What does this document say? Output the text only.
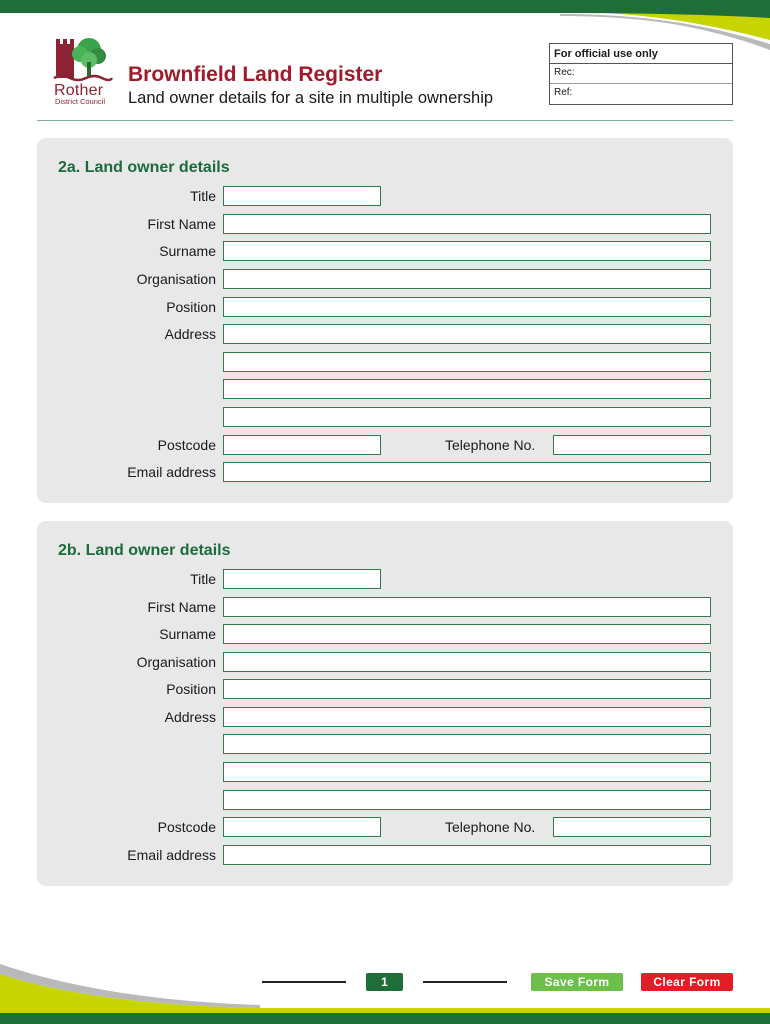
Rother
District Council
Brownfield Land Register
Land owner details for a site in multiple ownership
For official use only
Rec:
Ref:
2a. Land owner details
Title
First Name
Surname
Organisation
Position
Address
Postcode	Telephone No.
Email address
2b. Land owner details
Title
First Name
Surname
Organisation
Position
Address
Postcode	Telephone No.
Email address
1	Save Form	Clear Form
